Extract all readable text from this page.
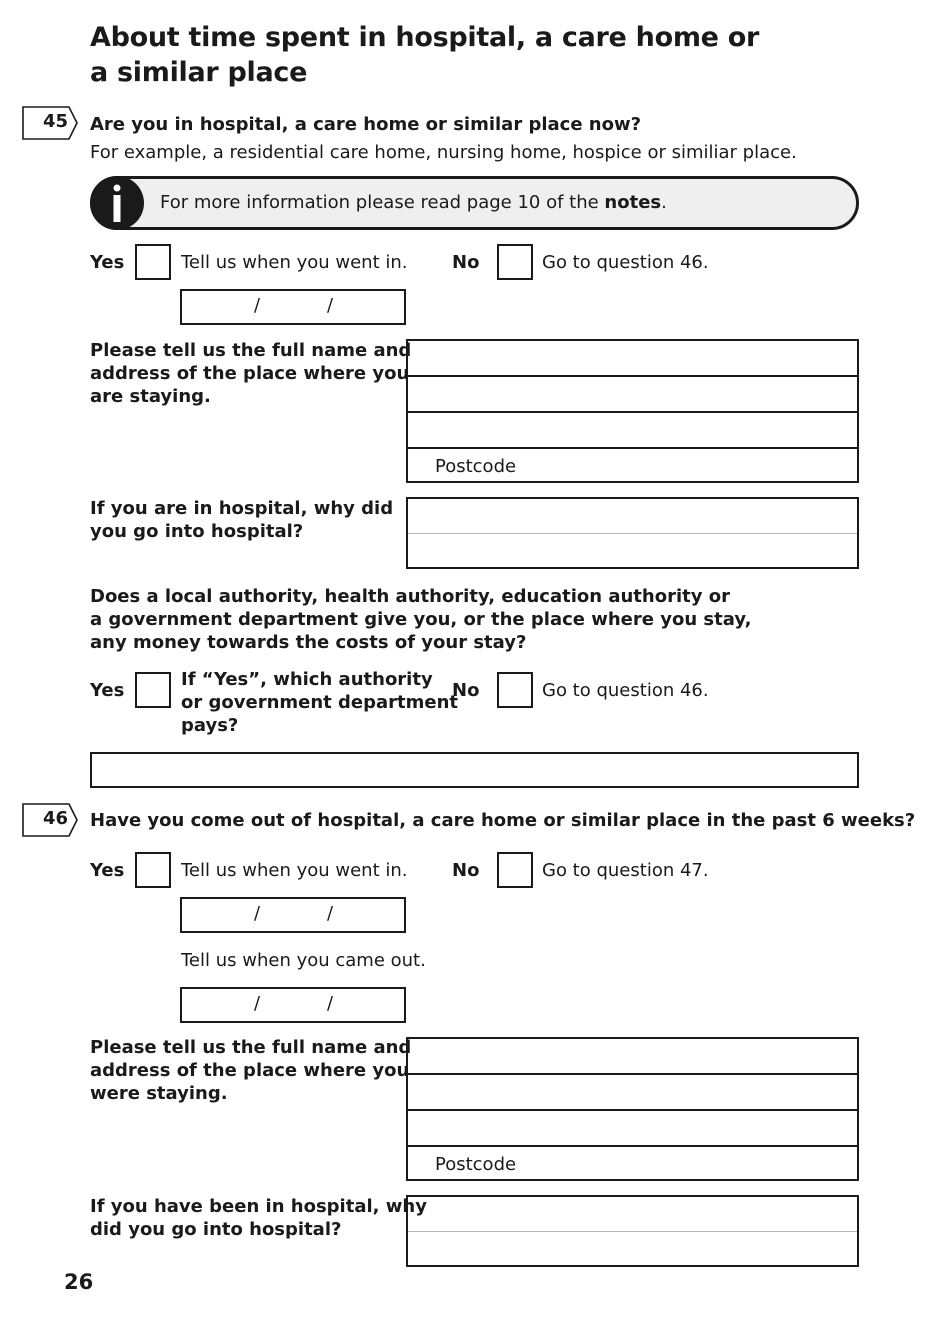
About time spent in hospital, a care home or
a similar place
45 Are you in hospital, a care home or similar place now?
For example, a residential care home, nursing home, hospice or similiar place.
For more information please read page 10 of the notes.
Yes	Tell us when you went in. No	Go to question 46.
/	/
Please tell us the full name and
address of the place where you
are staying.
Postcode
If you are in hospital, why did
you go into hospital?
Does a local authority, health authority, education authority or
a government department give you, or the place where you stay,
any money towards the costs of your stay?
Yes
If “Yes”, which authority
or government department
pays?
No	Go to question 46.
46 Have you come out of hospital, a care home or similar place in the past 6 weeks?
Yes	Tell us when you went in. No	Go to question 47.
/	/
Tell us when you came out.
/	/
Please tell us the full name and
address of the place where you
were staying.
Postcode
If you have been in hospital, why
did you go into hospital?
26
